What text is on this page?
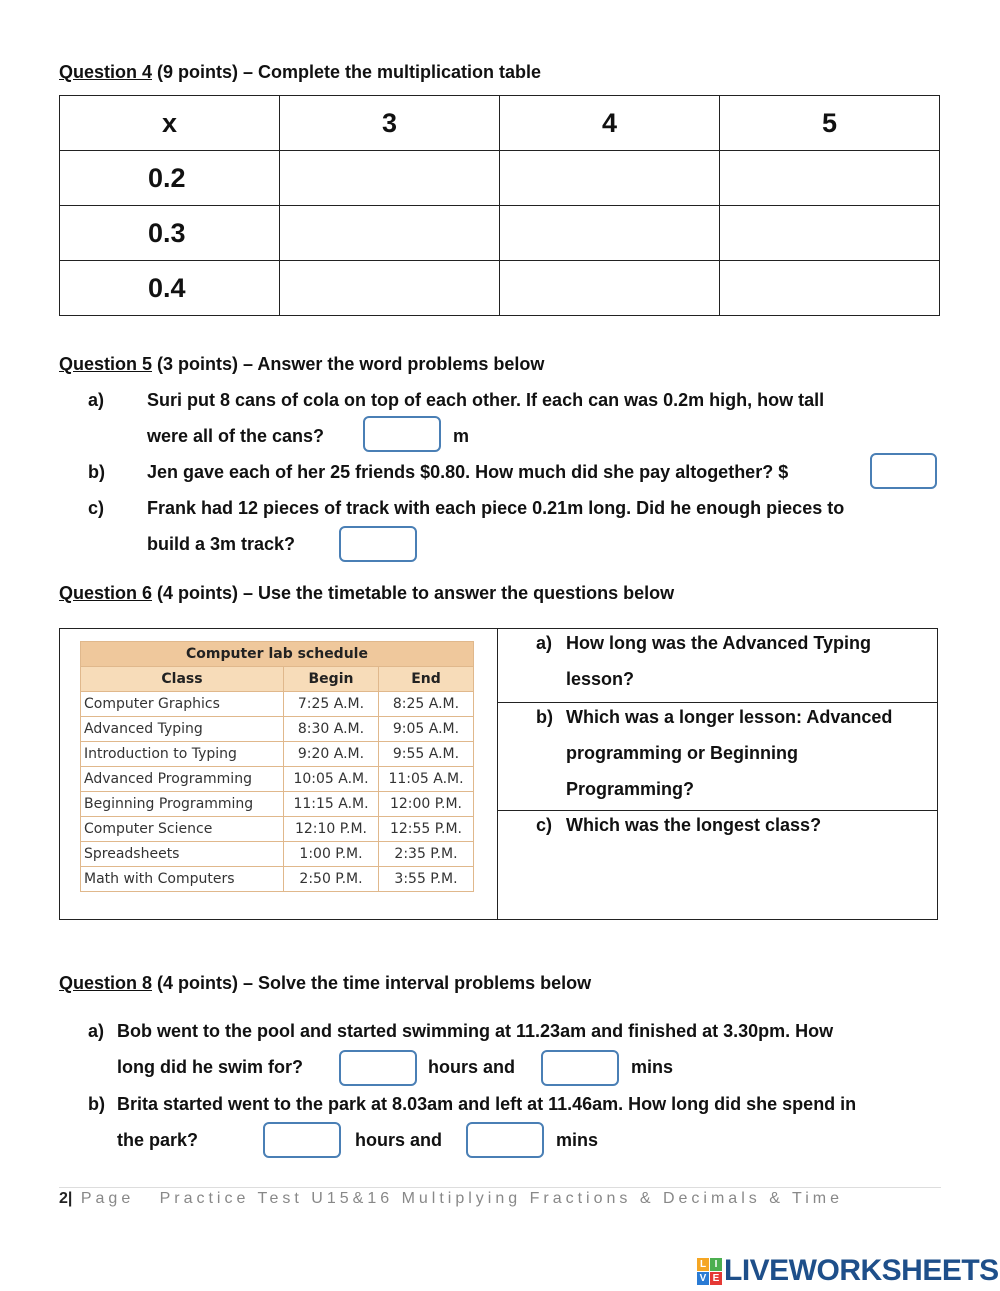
Question 4 (9 points) – Complete the multiplication table
x	3	4	5
0.2			
0.3			
0.4			
Question 5 (3 points) – Answer the word problems below
a) Suri put 8 cans of cola on top of each other. If each can was 0.2m high, how tall
were all of the cans?	m
b) Jen gave each of her 25 friends $0.80. How much did she pay altogether? $
c) Frank had 12 pieces of track with each piece 0.21m long. Did he enough pieces to
build a 3m track?
Question 6 (4 points) – Use the timetable to answer the questions below
Computer lab schedule		
Class	Begin	End
Computer Graphics	7:25 A.M.	8:25 A.M.
Advanced Typing	8:30 A.M.	9:05 A.M.
Introduction to Typing	9:20 A.M.	9:55 A.M.
Advanced Programming	10:05 A.M.	11:05 A.M.
Beginning Programming	11:15 A.M.	12:00 P.M.
Computer Science	12:10 P.M.	12:55 P.M.
Spreadsheets	1:00 P.M.	2:35 P.M.
Math with Computers	2:50 P.M.	3:55 P.M.
a) How long was the Advanced Typing
lesson?
b) Which was a longer lesson: Advanced
programming or Beginning
Programming?
c) Which was the longest class?
Question 8 (4 points) – Solve the time interval problems below
a) Bob went to the pool and started swimming at 11.23am and finished at 3.30pm. How
long did he swim for?	hours and	mins
b) Brita started went to the park at 8.03am and left at 11.46am. How long did she spend in
the park?	hours and	mins
2| Page Practice Test U15&16 Multiplying Fractions & Decimals & Time
L I
V E LIVEWORKSHEETS
